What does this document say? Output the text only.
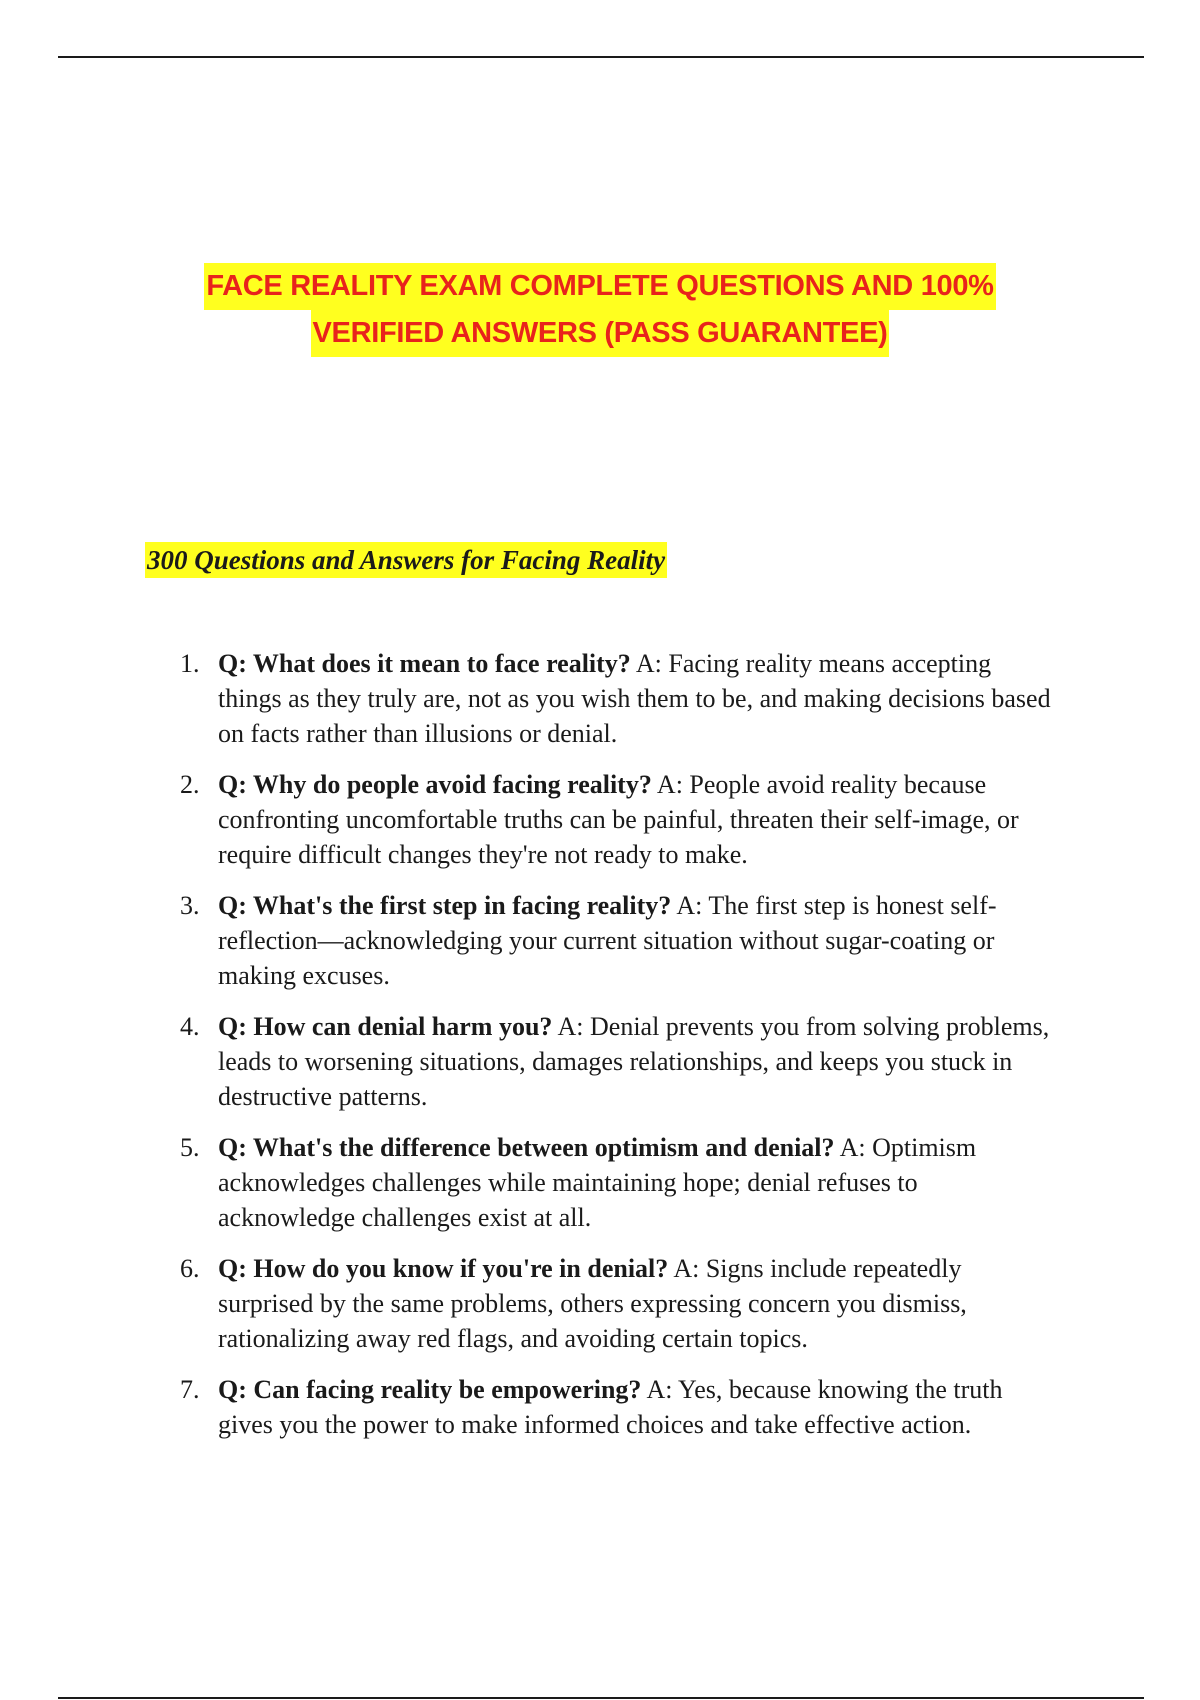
FACE REALITY EXAM COMPLETE QUESTIONS AND 100%
VERIFIED ANSWERS (PASS GUARANTEE)
300 Questions and Answers for Facing Reality
1. Q: What does it mean to face reality? A: Facing reality means accepting things as they truly are, not as you wish them to be, and making decisions based on facts rather than illusions or denial.
2. Q: Why do people avoid facing reality? A: People avoid reality because confronting uncomfortable truths can be painful, threaten their self-image, or require difficult changes they're not ready to make.
3. Q: What's the first step in facing reality? A: The first step is honest self-reflection—acknowledging your current situation without sugar-coating or making excuses.
4. Q: How can denial harm you? A: Denial prevents you from solving problems, leads to worsening situations, damages relationships, and keeps you stuck in destructive patterns.
5. Q: What's the difference between optimism and denial? A: Optimism acknowledges challenges while maintaining hope; denial refuses to acknowledge challenges exist at all.
6. Q: How do you know if you're in denial? A: Signs include repeatedly surprised by the same problems, others expressing concern you dismiss, rationalizing away red flags, and avoiding certain topics.
7. Q: Can facing reality be empowering? A: Yes, because knowing the truth gives you the power to make informed choices and take effective action.
